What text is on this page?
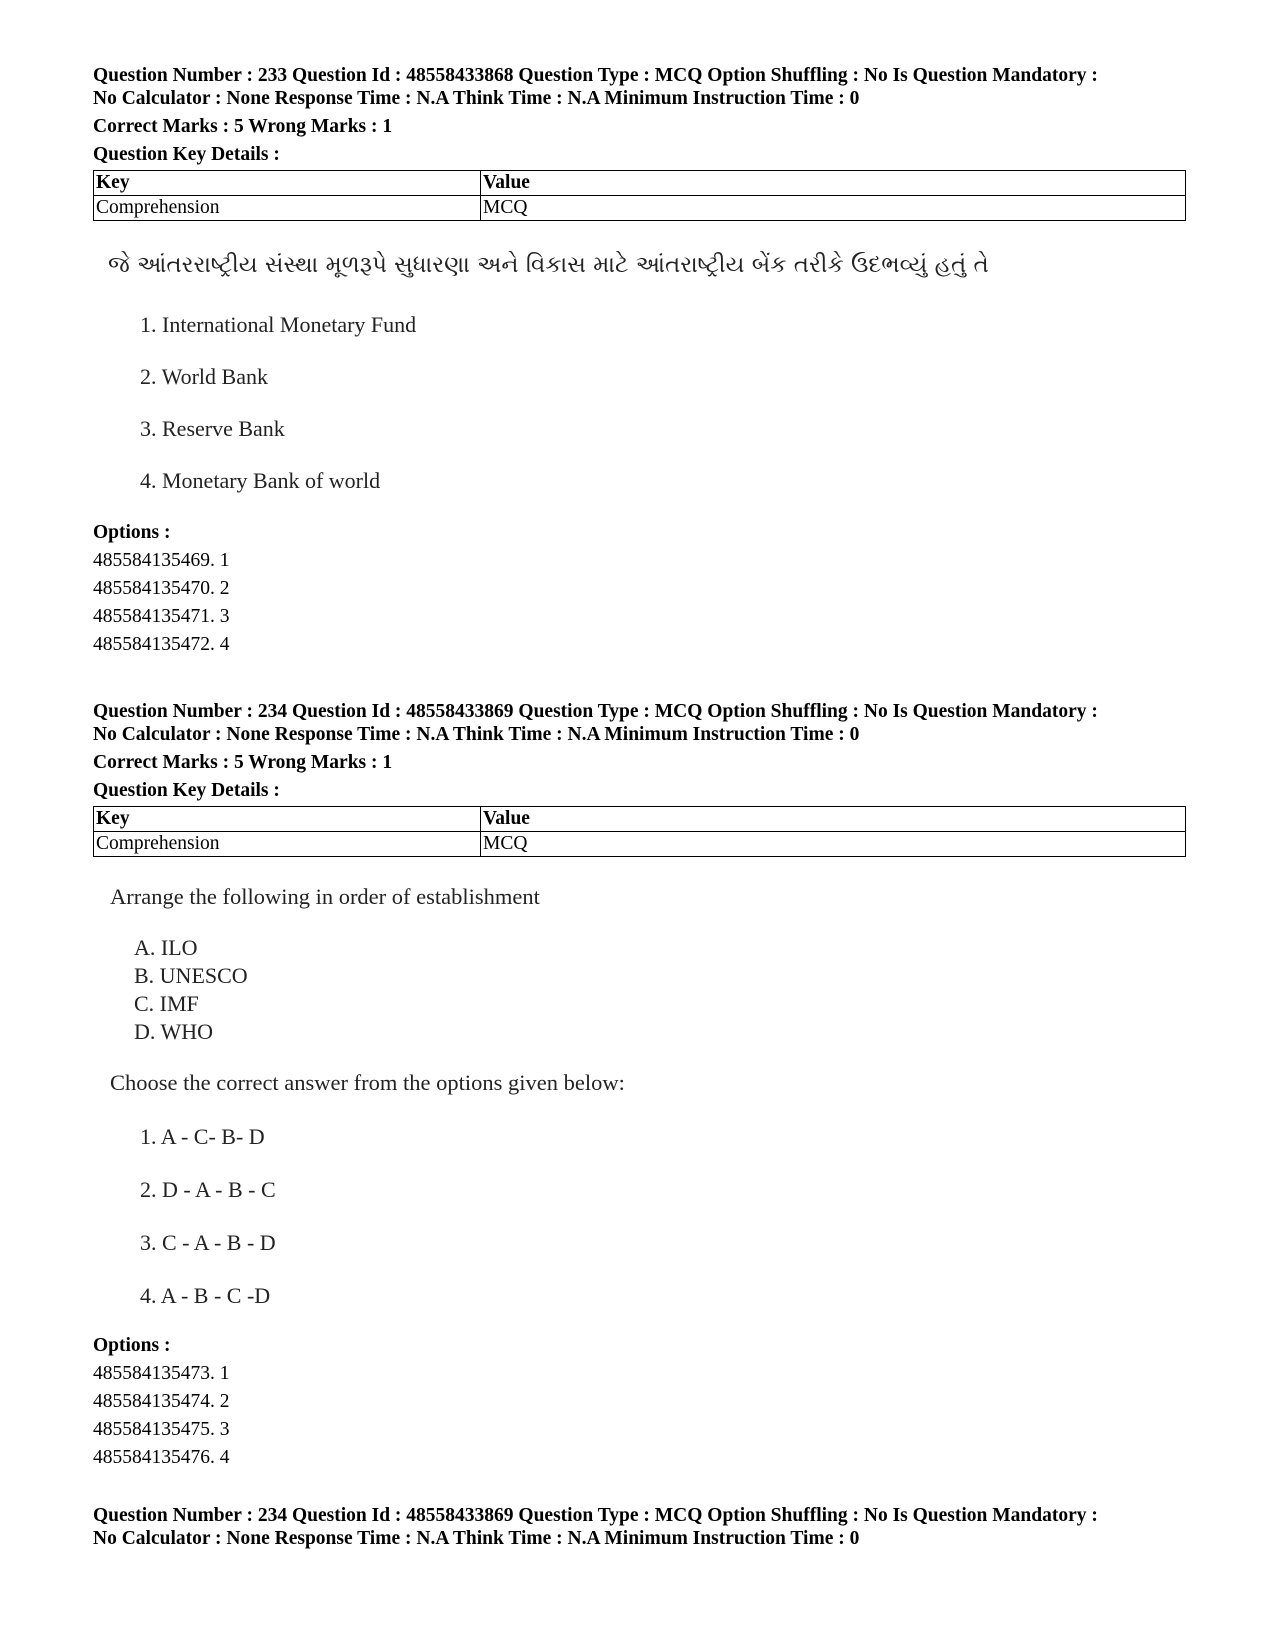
Question Number : 233 Question Id : 48558433868 Question Type : MCQ Option Shuffling : No Is Question Mandatory :
No Calculator : None Response Time : N.A Think Time : N.A Minimum Instruction Time : 0
Correct Marks : 5 Wrong Marks : 1
Question Key Details :
Key	Value
Comprehension	MCQ
જે આંતરરાષ્ટ્રીય સંસ્થા મૂળરૂપે સુધારણા અને વિકાસ માટે આંતરાષ્ટ્રીય બેંક તરીકે ઉદભવ્યું હતું તે
1. International Monetary Fund
2. World Bank
3. Reserve Bank
4. Monetary Bank of world
Options :
485584135469. 1
485584135470. 2
485584135471. 3
485584135472. 4
Question Number : 234 Question Id : 48558433869 Question Type : MCQ Option Shuffling : No Is Question Mandatory :
No Calculator : None Response Time : N.A Think Time : N.A Minimum Instruction Time : 0
Correct Marks : 5 Wrong Marks : 1
Question Key Details :
Key	Value
Comprehension	MCQ
Arrange the following in order of establishment
A. ILO
B. UNESCO
C. IMF
D. WHO
Choose the correct answer from the options given below:
1. A - C- B- D
2. D - A - B - C
3. C - A - B - D
4. A - B - C -D
Options :
485584135473. 1
485584135474. 2
485584135475. 3
485584135476. 4
Question Number : 234 Question Id : 48558433869 Question Type : MCQ Option Shuffling : No Is Question Mandatory :
No Calculator : None Response Time : N.A Think Time : N.A Minimum Instruction Time : 0
